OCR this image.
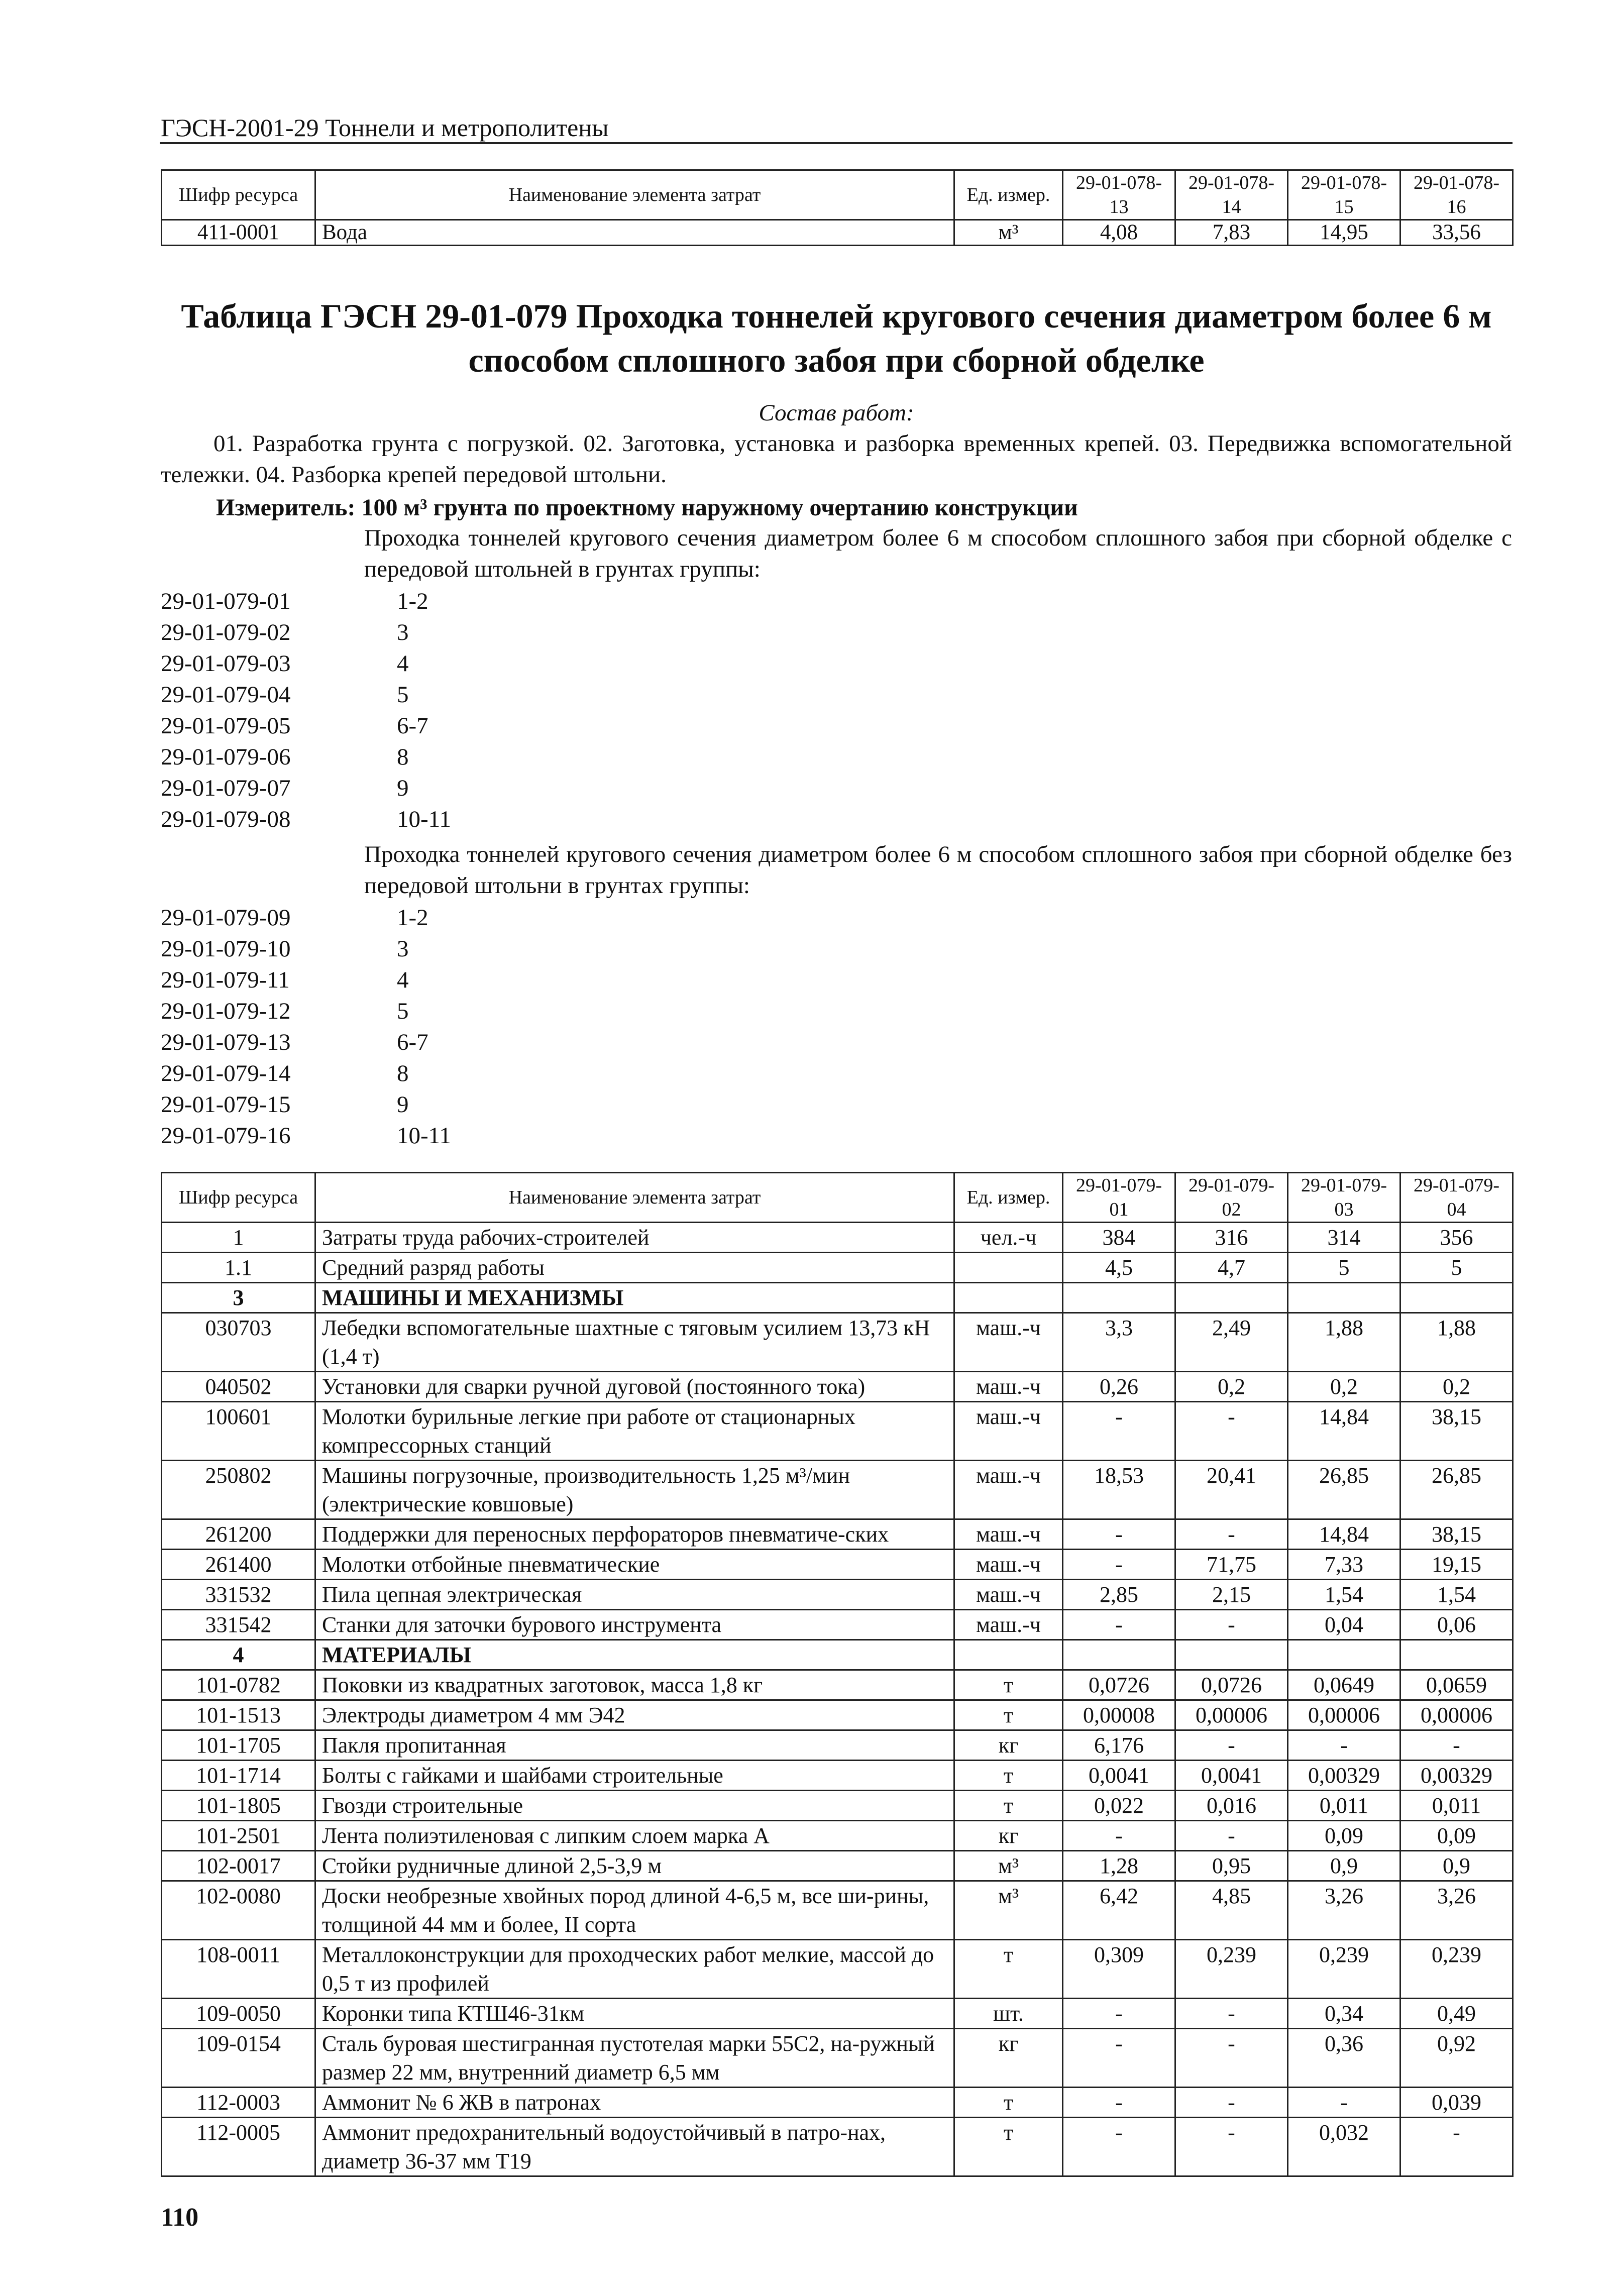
ГЭСН-2001-29 Тоннели и метрополитены
Шифр ресурса	Наименование элемента затрат	Ед. измер.	29-01-078-13	29-01-078-14	29-01-078-15	29-01-078-16
411-0001	Вода	м³	4,08	7,83	14,95	33,56
Таблица ГЭСН 29-01-079 Проходка тоннелей кругового сечения диаметром более 6 м
способом сплошного забоя при сборной обделке
Состав работ:
01. Разработка грунта с погрузкой. 02. Заготовка, установка и разборка временных крепей. 03. Передвижка вспомогательной тележки. 04. Разборка крепей передовой штольни.
Измеритель: 100 м³ грунта по проектному наружному очертанию конструкции
Проходка тоннелей кругового сечения диаметром более 6 м способом сплошного забоя при сборной обделке с передовой штольней в грунтах группы:
29-01-079-01	1-2
29-01-079-02	3
29-01-079-03	4
29-01-079-04	5
29-01-079-05	6-7
29-01-079-06	8
29-01-079-07	9
29-01-079-08	10-11
Проходка тоннелей кругового сечения диаметром более 6 м способом сплошного забоя при сборной обделке без передовой штольни в грунтах группы:
29-01-079-09	1-2
29-01-079-10	3
29-01-079-11	4
29-01-079-12	5
29-01-079-13	6-7
29-01-079-14	8
29-01-079-15	9
29-01-079-16	10-11
Шифр ресурса	Наименование элемента затрат	Ед. измер.	29-01-079-01	29-01-079-02	29-01-079-03	29-01-079-04
1	Затраты труда рабочих-строителей	чел.-ч	384	316	314	356
1.1	Средний разряд работы		4,5	4,7	5	5
3	МАШИНЫ И МЕХАНИЗМЫ					
030703	Лебедки вспомогательные шахтные с тяговым усилием 13,73 кН (1,4 т)	маш.-ч	3,3	2,49	1,88	1,88
040502	Установки для сварки ручной дуговой (постоянного тока)	маш.-ч	0,26	0,2	0,2	0,2
100601	Молотки бурильные легкие при работе от стационарных компрессорных станций	маш.-ч	-	-	14,84	38,15
250802	Машины погрузочные, производительность 1,25 м³/мин (электрические ковшовые)	маш.-ч	18,53	20,41	26,85	26,85
261200	Поддержки для переносных перфораторов пневматиче-ских	маш.-ч	-	-	14,84	38,15
261400	Молотки отбойные пневматические	маш.-ч	-	71,75	7,33	19,15
331532	Пила цепная электрическая	маш.-ч	2,85	2,15	1,54	1,54
331542	Станки для заточки бурового инструмента	маш.-ч	-	-	0,04	0,06
4	МАТЕРИАЛЫ					
101-0782	Поковки из квадратных заготовок, масса 1,8 кг	т	0,0726	0,0726	0,0649	0,0659
101-1513	Электроды диаметром 4 мм Э42	т	0,00008	0,00006	0,00006	0,00006
101-1705	Пакля пропитанная	кг	6,176	-	-	-
101-1714	Болты с гайками и шайбами строительные	т	0,0041	0,0041	0,00329	0,00329
101-1805	Гвозди строительные	т	0,022	0,016	0,011	0,011
101-2501	Лента полиэтиленовая с липким слоем марка А	кг	-	-	0,09	0,09
102-0017	Стойки рудничные длиной 2,5-3,9 м	м³	1,28	0,95	0,9	0,9
102-0080	Доски необрезные хвойных пород длиной 4-6,5 м, все ши-рины, толщиной 44 мм и более, II сорта	м³	6,42	4,85	3,26	3,26
108-0011	Металлоконструкции для проходческих работ мелкие, массой до 0,5 т из профилей	т	0,309	0,239	0,239	0,239
109-0050	Коронки типа КТШ46-31км	шт.	-	-	0,34	0,49
109-0154	Сталь буровая шестигранная пустотелая марки 55С2, на-ружный размер 22 мм, внутренний диаметр 6,5 мм	кг	-	-	0,36	0,92
112-0003	Аммонит № 6 ЖВ в патронах	т	-	-	-	0,039
112-0005	Аммонит предохранительный водоустойчивый в патро-нах, диаметр 36-37 мм Т19	т	-	-	0,032	-
110
